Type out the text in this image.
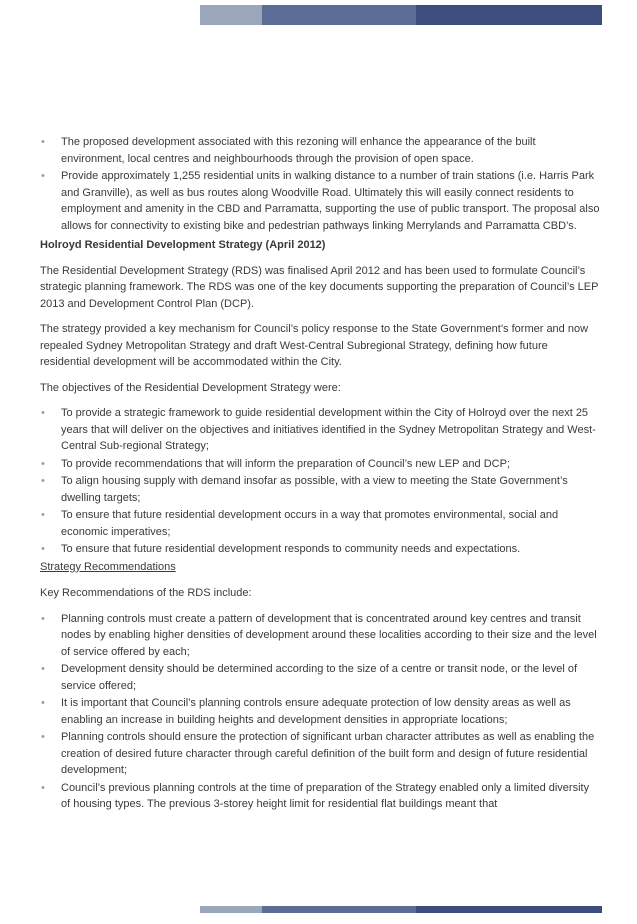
• The proposed development associated with this rezoning will enhance the appearance of the built environment, local centres and neighbourhoods through the provision of open space.
• Provide approximately 1,255 residential units in walking distance to a number of train stations (i.e. Harris Park and Granville), as well as bus routes along Woodville Road. Ultimately this will easily connect residents to employment and amenity in the CBD and Parramatta, supporting the use of public transport. The proposal also allows for connectivity to existing bike and pedestrian pathways linking Merrylands and Parramatta CBD’s.
Holroyd Residential Development Strategy (April 2012)

The Residential Development Strategy (RDS) was finalised April 2012 and has been used to formulate Council’s strategic planning framework. The RDS was one of the key documents supporting the preparation of Council’s LEP 2013 and Development Control Plan (DCP).

The strategy provided a key mechanism for Council’s policy response to the State Government’s former and now repealed Sydney Metropolitan Strategy and draft West-Central Subregional Strategy, defining how future residential development will be accommodated within the City.

The objectives of the Residential Development Strategy were:

• To provide a strategic framework to guide residential development within the City of Holroyd over the next 25 years that will deliver on the objectives and initiatives identified in the Sydney Metropolitan Strategy and West-Central Sub-regional Strategy;
• To provide recommendations that will inform the preparation of Council’s new LEP and DCP;
• To align housing supply with demand insofar as possible, with a view to meeting the State Government’s dwelling targets;
• To ensure that future residential development occurs in a way that promotes environmental, social and economic imperatives;
• To ensure that future residential development responds to community needs and expectations.
Strategy Recommendations

Key Recommendations of the RDS include:

• Planning controls must create a pattern of development that is concentrated around key centres and transit nodes by enabling higher densities of development around these localities according to their size and the level of service offered by each;
• Development density should be determined according to the size of a centre or transit node, or the level of service offered;
• It is important that Council’s planning controls ensure adequate protection of low density areas as well as enabling an increase in building heights and development densities in appropriate locations;
• Planning controls should ensure the protection of significant urban character attributes as well as enabling the creation of desired future character through careful definition of the built form and design of future residential development;
• Council’s previous planning controls at the time of preparation of the Strategy enabled only a limited diversity of housing types. The previous 3-storey height limit for residential flat buildings meant that
